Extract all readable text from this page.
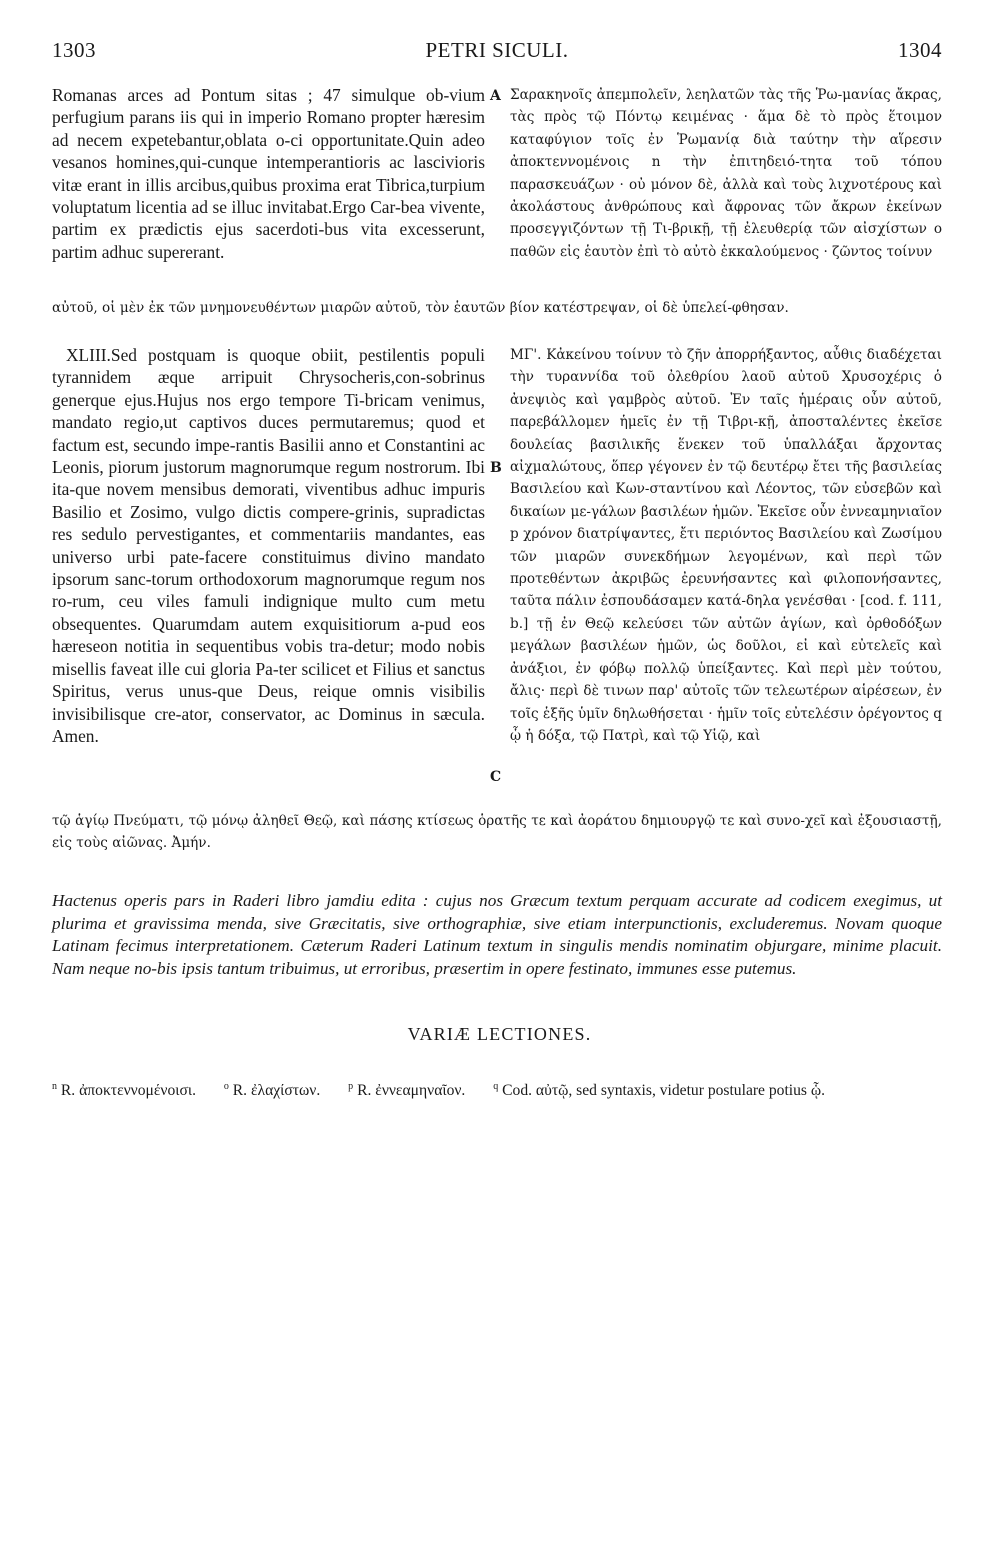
1303	PETRI SICULI.	1304
A
B
C

Romanas arces ad Pontum sitas ; 47 simulque ob-vium perfugium parans iis qui in imperio Romano propter hæresim ad necem expetebantur,oblata o-ci opportunitate.Quin adeo vesanos homines,qui-cunque intemperantioris ac lascivioris vitæ erant in illis arcibus,quibus proxima erat Tibrica,turpium voluptatum licentia ad se illuc invitabat.Ergo Car-bea vivente, partim ex prædictis ejus sacerdoti-bus vita excesserunt, partim adhuc supererant.

Σαρακηνοῖς ἀπεμπολεῖν, λεηλατῶν τὰς τῆς Ῥω-μανίας ἄκρας, τὰς πρὸς τῷ Πόντῳ κειμένας · ἅμα δὲ τὸ πρὸς ἕτοιμον καταφύγιον τοῖς ἐν Ῥωμανίᾳ διὰ ταύτην τὴν αἵρεσιν ἀποκτεννομένοις n τὴν ἐπιτηδειό-τητα τοῦ τόπου παρασκευάζων · οὐ μόνον δὲ, ἀλλὰ καὶ τοὺς λιχνοτέρους καὶ ἀκολάστους ἀνθρώπους καὶ ἄφρονας τῶν ἄκρων ἐκείνων προσεγγιζόντων τῇ Τι-βρικῇ, τῇ ἐλευθερίᾳ τῶν αἰσχίστων o παθῶν εἰς ἑαυτὸν ἐπὶ τὸ αὐτὸ ἐκκαλούμενος · ζῶντος τοίνυν

αὐτοῦ, οἱ μὲν ἐκ τῶν μνημονευθέντων μιαρῶν αὐτοῦ, τὸν ἑαυτῶν βίον κατέστρεψαν, οἱ δὲ ὑπελεί-φθησαν.

XLIII.Sed postquam is quoque obiit, pestilentis populi tyrannidem æque arripuit Chrysocheris,con-sobrinus generque ejus.Hujus nos ergo tempore Ti-bricam venimus, mandato regio,ut captivos duces permutaremus; quod et factum est, secundo impe-rantis Basilii anno et Constantini ac Leonis, piorum justorum magnorumque regum nostrorum. Ibi ita-que novem mensibus demorati, viventibus adhuc impuris Basilio et Zosimo, vulgo dictis compere-grinis, supradictas res sedulo pervestigantes, et commentariis mandantes, eas universo urbi pate-facere constituimus divino mandato ipsorum sanc-torum orthodoxorum magnorumque regum nos ro-rum, ceu viles famuli indignique multo cum metu obsequentes. Quarumdam autem exquisitiorum a-pud eos hæreseon notitia in sequentibus vobis tra-detur; modo nobis misellis faveat ille cui gloria Pa-ter scilicet et Filius et sanctus Spiritus, verus unus-que Deus, reique omnis visibilis invisibilisque cre-ator, conservator, ac Dominus in sæcula. Amen.

ΜΓ'. Κἀκείνου τοίνυν τὸ ζῆν ἀπορρήξαντος, αὖθις διαδέχεται τὴν τυραννίδα τοῦ ὀλεθρίου λαοῦ αὐτοῦ Χρυσοχέρις ὁ ἀνεψιὸς καὶ γαμβρὸς αὐτοῦ. Ἐν ταῖς ἡμέραις οὖν αὐτοῦ, παρεβάλλομεν ἡμεῖς ἐν τῇ Τιβρι-κῇ, ἀποσταλέντες ἐκεῖσε δουλείας βασιλικῆς ἕνεκεν τοῦ ὑπαλλάξαι ἄρχοντας αἰχμαλώτους, ὅπερ γέγονεν ἐν τῷ δευτέρῳ ἔτει τῆς βασιλείας Βασιλείου καὶ Κων-σταντίνου καὶ Λέοντος, τῶν εὐσεβῶν καὶ δικαίων με-γάλων βασιλέων ἡμῶν. Ἐκεῖσε οὖν ἐννεαμηνιαῖον p χρόνον διατρίψαντες, ἔτι περιόντος Βασιλείου καὶ Ζωσίμου τῶν μιαρῶν συνεκδήμων λεγομένων, καὶ περὶ τῶν προτεθέντων ἀκριβῶς ἐρευνήσαντες καὶ φιλοπονήσαντες, ταῦτα πάλιν ἐσπουδάσαμεν κατά-δηλα γενέσθαι · [cod. f. 111, b.] τῇ ἐν Θεῷ κελεύσει τῶν αὐτῶν ἁγίων, καὶ ὀρθοδόξων μεγάλων βασιλέων ἡμῶν, ὡς δοῦλοι, εἰ καὶ εὐτελεῖς καὶ ἀνάξιοι, ἐν φόβῳ πολλῷ ὑπείξαντες. Καὶ περὶ μὲν τούτου, ἄλις· περὶ δὲ τινων παρ' αὐτοῖς τῶν τελεωτέρων αἱρέσεων, ἐν τοῖς ἑξῆς ὑμῖν δηλωθήσεται · ἡμῖν τοῖς εὐτελέσιν ὀρέγοντος q ᾧ ἡ δόξα, τῷ Πατρὶ, καὶ τῷ Υἱῷ, καὶ

τῷ ἁγίῳ Πνεύματι, τῷ μόνῳ ἀληθεῖ Θεῷ, καὶ πάσης κτίσεως ὁρατῆς τε καὶ ἀοράτου δημιουργῷ τε καὶ συνο-χεῖ καὶ ἐξουσιαστῇ, εἰς τοὺς αἰῶνας. Ἀμήν.

Hactenus operis pars in Raderi libro jamdiu edita : cujus nos Græcum textum perquam accurate ad codicem exegimus, ut plurima et gravissima menda, sive Græcitatis, sive orthographiæ, sive etiam interpunctionis, excluderemus. Novam quoque Latinam fecimus interpretationem. Cæterum Raderi Latinum textum in singulis mendis nominatim objurgare, minime placuit. Nam neque no-bis ipsis tantum tribuimus, ut erroribus, præsertim in opere festinato, immunes esse putemus.

VARIÆ LECTIONES.
$^n$ R. ἀποκτεννομένοισι.	$^o$ R. ἐλαχίστων.	$^p$ R. ἐννεαμηναῖον.	$^q$ Cod. αὐτῷ, sed syntaxis, videtur postulare potius ᾧ.
